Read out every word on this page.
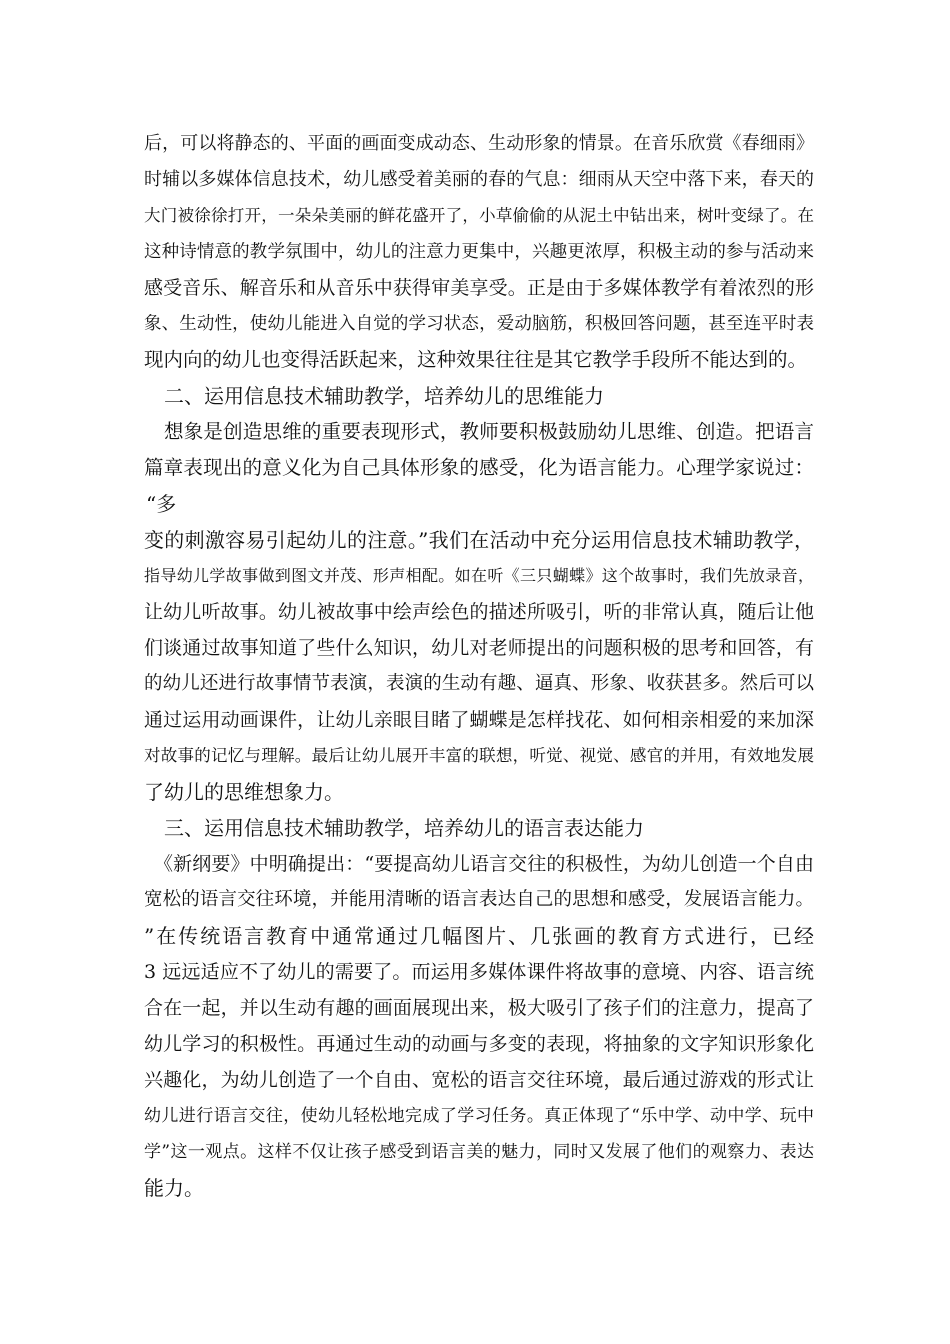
后，可以将静态的、平面的画面变成动态、生动形象的情景。在音乐欣赏《春细雨》
时辅以多媒体信息技术，幼儿感受着美丽的春的气息：细雨从天空中落下来，春天的
大门被徐徐打开，一朵朵美丽的鲜花盛开了，小草偷偷的从泥土中钻出来，树叶变绿了。在
这种诗情意的教学氛围中，幼儿的注意力更集中，兴趣更浓厚，积极主动的参与活动来
感受音乐、解音乐和从音乐中获得审美享受。正是由于多媒体教学有着浓烈的形
象、生动性，使幼儿能进入自觉的学习状态，爱动脑筋，积极回答问题，甚至连平时表
现内向的幼儿也变得活跃起来，这种效果往往是其它教学手段所不能达到的。
二、运用信息技术辅助教学，培养幼儿的思维能力
想象是创造思维的重要表现形式，教师要积极鼓励幼儿思维、创造。把语言
篇章表现出的意义化为自己具体形象的感受，化为语言能力。心理学家说过：
“多
变的刺激容易引起幼儿的注意。”我们在活动中充分运用信息技术辅助教学，
指导幼儿学故事做到图文并茂、形声相配。如在听《三只蝴蝶》这个故事时，我们先放录音，
让幼儿听故事。幼儿被故事中绘声绘色的描述所吸引，听的非常认真，随后让他
们谈通过故事知道了些什么知识，幼儿对老师提出的问题积极的思考和回答，有
的幼儿还进行故事情节表演，表演的生动有趣、逼真、形象、收获甚多。然后可以
通过运用动画课件，让幼儿亲眼目睹了蝴蝶是怎样找花、如何相亲相爱的来加深
对故事的记忆与理解。最后让幼儿展开丰富的联想，听觉、视觉、感官的并用，有效地发展
了幼儿的思维想象力。
三、运用信息技术辅助教学，培养幼儿的语言表达能力
《新纲要》中明确提出：“要提高幼儿语言交往的积极性，为幼儿创造一个自由
宽松的语言交往环境，并能用清晰的语言表达自己的思想和感受，发展语言能力。
”在传统语言教育中通常通过几幅图片、几张画的教育方式进行，已经
3 远远适应不了幼儿的需要了。而运用多媒体课件将故事的意境、内容、语言统
合在一起，并以生动有趣的画面展现出来，极大吸引了孩子们的注意力，提高了
幼儿学习的积极性。再通过生动的动画与多变的表现，将抽象的文字知识形象化
兴趣化，为幼儿创造了一个自由、宽松的语言交往环境，最后通过游戏的形式让
幼儿进行语言交往，使幼儿轻松地完成了学习任务。真正体现了“乐中学、动中学、玩中
学”这一观点。这样不仅让孩子感受到语言美的魅力，同时又发展了他们的观察力、表达
能力。
